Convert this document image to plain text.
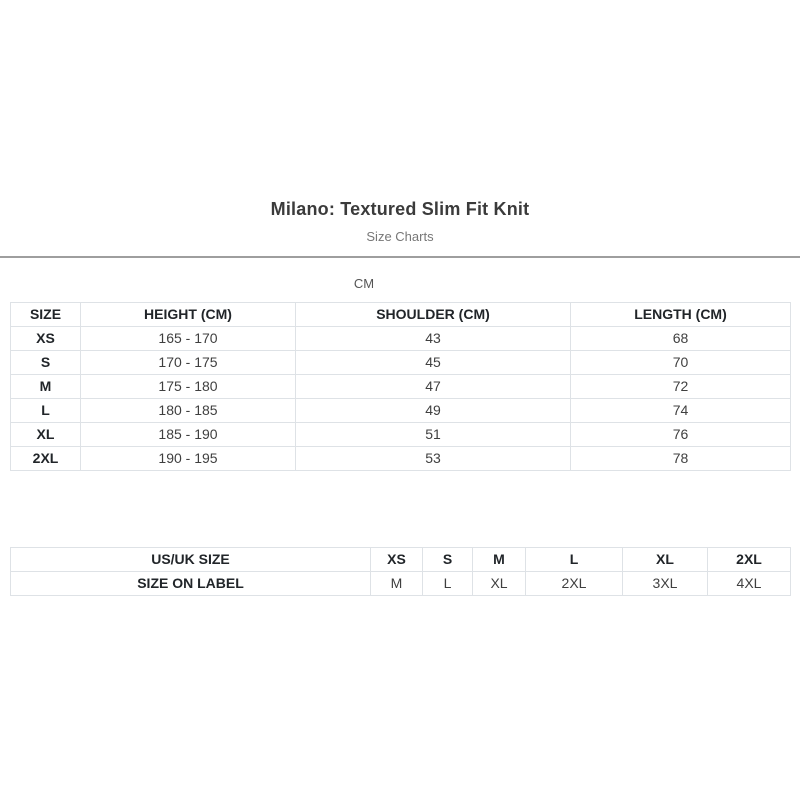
Milano: Textured Slim Fit Knit
Size Charts
CM
SIZE	HEIGHT (CM)	SHOULDER (CM)	LENGTH (CM)
XS	165 - 170	43	68
S	170 - 175	45	70
M	175 - 180	47	72
L	180 - 185	49	74
XL	185 - 190	51	76
2XL	190 - 195	53	78
US/UK SIZE	XS	S	M	L	XL	2XL
SIZE ON LABEL	M	L	XL	2XL	3XL	4XL
